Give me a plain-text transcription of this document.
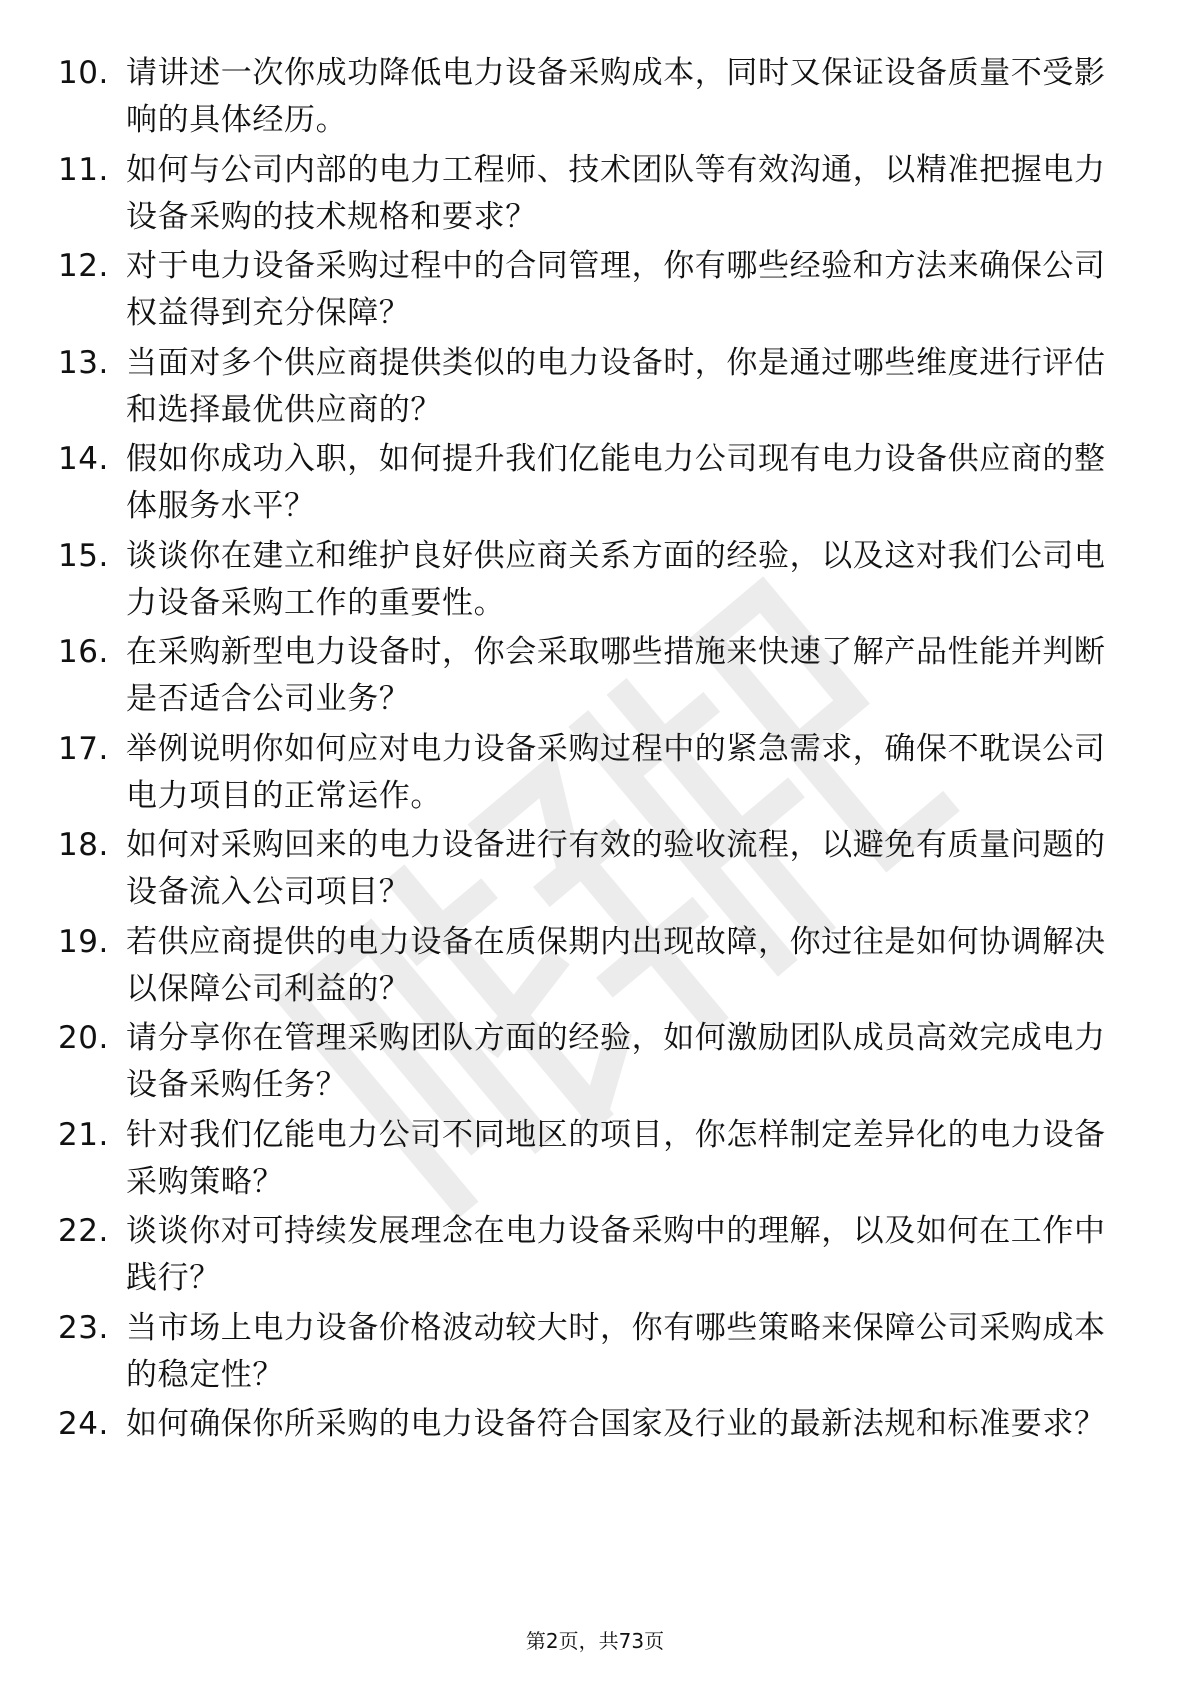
10. 请讲述一次你成功降低电力设备采购成本，同时又保证设备质量不受影响的具体经历。
11. 如何与公司内部的电力工程师、技术团队等有效沟通，以精准把握电力设备采购的技术规格和要求？
12. 对于电力设备采购过程中的合同管理，你有哪些经验和方法来确保公司权益得到充分保障？
13. 当面对多个供应商提供类似的电力设备时，你是通过哪些维度进行评估和选择最优供应商的？
14. 假如你成功入职，如何提升我们亿能电力公司现有电力设备供应商的整体服务水平？
15. 谈谈你在建立和维护良好供应商关系方面的经验，以及这对我们公司电力设备采购工作的重要性。
16. 在采购新型电力设备时，你会采取哪些措施来快速了解产品性能并判断是否适合公司业务？
17. 举例说明你如何应对电力设备采购过程中的紧急需求，确保不耽误公司电力项目的正常运作。
18. 如何对采购回来的电力设备进行有效的验收流程，以避免有质量问题的设备流入公司项目？
19. 若供应商提供的电力设备在质保期内出现故障，你过往是如何协调解决以保障公司利益的？
20. 请分享你在管理采购团队方面的经验，如何激励团队成员高效完成电力设备采购任务？
21. 针对我们亿能电力公司不同地区的项目，你怎样制定差异化的电力设备采购策略？
22. 谈谈你对可持续发展理念在电力设备采购中的理解，以及如何在工作中践行？
23. 当市场上电力设备价格波动较大时，你有哪些策略来保障公司采购成本的稳定性？
24. 如何确保你所采购的电力设备符合国家及行业的最新法规和标准要求？
第2页，共73页
